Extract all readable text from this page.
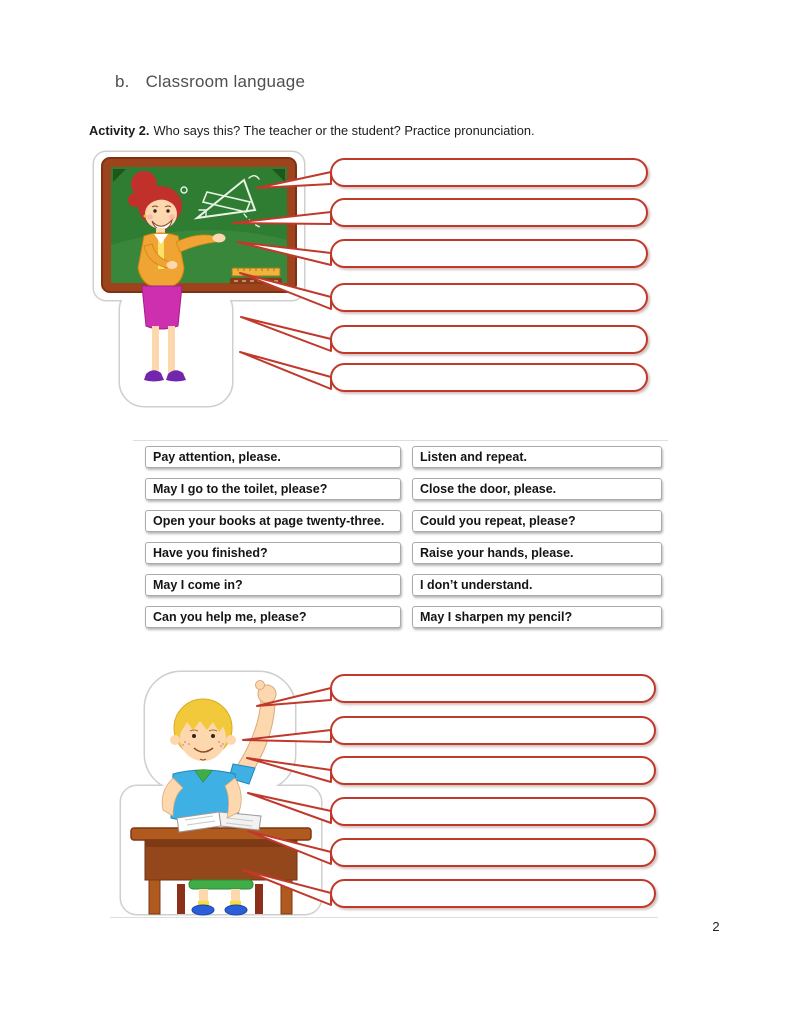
b. Classroom language
Activity 2. Who says this? The teacher or the student? Practice pronunciation.
Pay attention, please.	Listen and repeat.
May I go to the toilet, please?	Close the door, please.
Open your books at page twenty-three.	Could you repeat, please?
Have you finished?	Raise your hands, please.
May I come in?	I don’t understand.
Can you help me, please?	May I sharpen my pencil?
2
